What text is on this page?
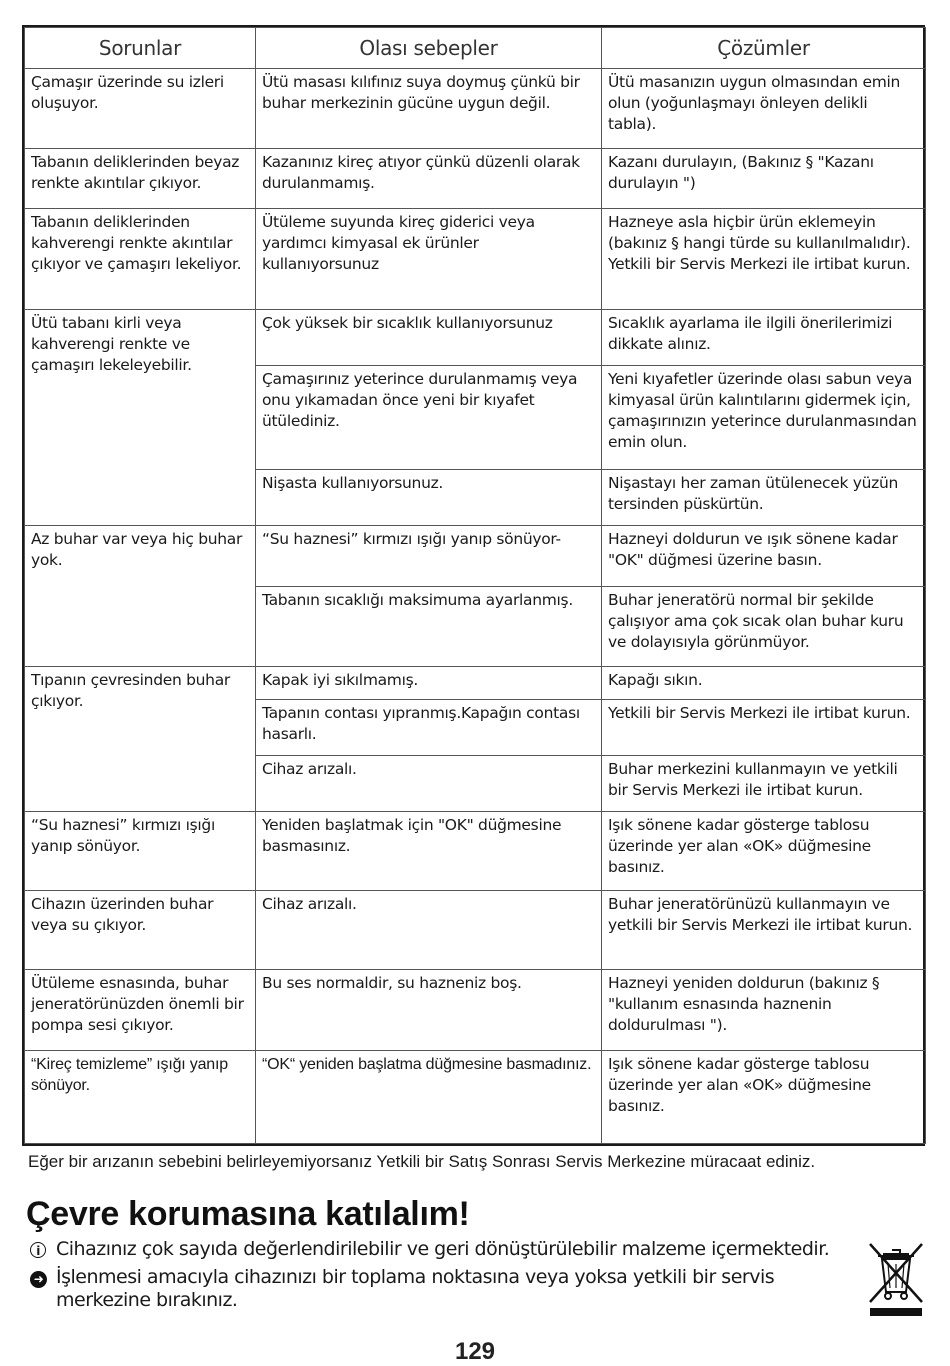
Sorunlar	Olası sebepler	Çözümler
Çamaşır üzerinde su izleri oluşuyor.	Ütü masası kılıfınız suya doymuş çünkü bir buhar merkezinin gücüne uygun değil.	Ütü masanızın uygun olmasından emin olun (yoğunlaşmayı önleyen delikli tabla).
Tabanın deliklerinden beyaz renkte akıntılar çıkıyor.	Kazanınız kireç atıyor çünkü düzenli olarak durulanmamış.	Kazanı durulayın, (Bakınız § "Kazanı durulayın ")
Tabanın deliklerinden kahverengi renkte akıntılar çıkıyor ve çamaşırı lekeliyor.	Ütüleme suyunda kireç giderici veya yardımcı kimyasal ek ürünler kullanıyorsunuz	Hazneye asla hiçbir ürün eklemeyin (bakınız § hangi türde su kullanılmalıdır). Yetkili bir Servis Merkezi ile irtibat kurun.
Ütü tabanı kirli veya kahverengi renkte ve çamaşırı lekeleyebilir.	Çok yüksek bir sıcaklık kullanıyorsunuz	Sıcaklık ayarlama ile ilgili önerilerimizi dikkate alınız.
	Çamaşırınız yeterince durulanmamış veya onu yıkamadan önce yeni bir kıyafet ütülediniz.	Yeni kıyafetler üzerinde olası sabun veya kimyasal ürün kalıntılarını gidermek için, çamaşırınızın yeterince durulanmasından emin olun.
	Nişasta kullanıyorsunuz.	Nişastayı her zaman ütülenecek yüzün tersinden püskürtün.
Az buhar var veya hiç buhar yok.	“Su haznesi” kırmızı ışığı yanıp sönüyor-	Hazneyi doldurun ve ışık sönene kadar "OK" düğmesi üzerine basın.
	Tabanın sıcaklığı maksimuma ayarlanmış.	Buhar jeneratörü normal bir şekilde çalışıyor ama çok sıcak olan buhar kuru ve dolayısıyla görünmüyor.
Tıpanın çevresinden buhar çıkıyor.	Kapak iyi sıkılmamış.	Kapağı sıkın.
	Tapanın contası yıpranmış.Kapağın contası hasarlı.	Yetkili bir Servis Merkezi ile irtibat kurun.
	Cihaz arızalı.	Buhar merkezini kullanmayın ve yetkili bir Servis Merkezi ile irtibat kurun.
“Su haznesi” kırmızı ışığı yanıp sönüyor.	Yeniden başlatmak için "OK" düğmesine basmasınız.	Işık sönene kadar gösterge tablosu üzerinde yer alan «OK» düğmesine basınız.
Cihazın üzerinden buhar veya su çıkıyor.	Cihaz arızalı.	Buhar jeneratörünüzü kullanmayın ve yetkili bir Servis Merkezi ile irtibat kurun.
Ütüleme esnasında, buhar jeneratörünüzden önemli bir pompa sesi çıkıyor.	Bu ses normaldir, su hazneniz boş.	Hazneyi yeniden doldurun (bakınız § "kullanım esnasında haznenin doldurulması ").
“Kireç temizleme” ışığı yanıp sönüyor.	“OK“ yeniden başlatma düğmesine basmadınız.	Işık sönene kadar gösterge tablosu üzerinde yer alan «OK» düğmesine basınız.
Eğer bir arızanın sebebini belirleyemiyorsanız Yetkili bir Satış Sonrası Servis Merkezine müracaat ediniz.
Çevre korumasına katılalım!
i Cihazınız çok sayıda değerlendirilebilir ve geri dönüştürülebilir malzeme içermektedir.
➜ İşlenmesi amacıyla cihazınızı bir toplama noktasına veya yoksa yetkili bir servis merkezine bırakınız.
129
